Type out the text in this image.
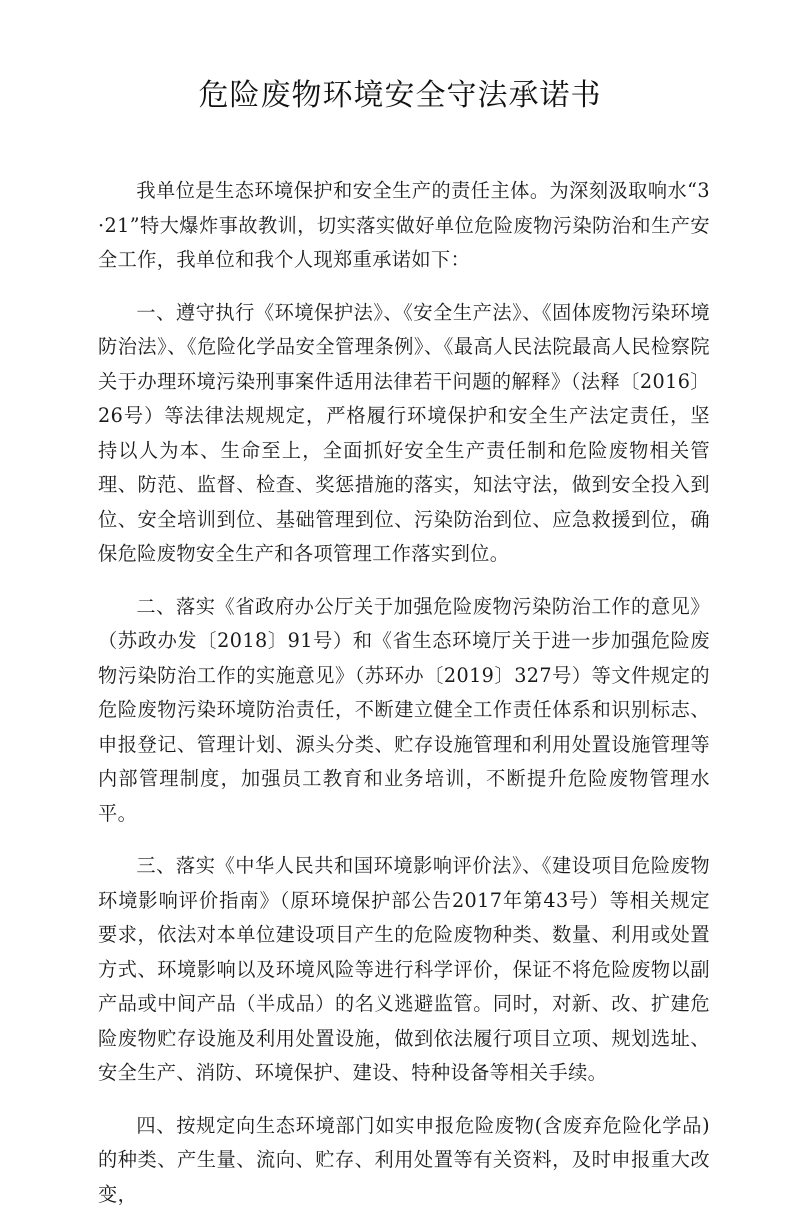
危险废物环境安全守法承诺书

我单位是生态环境保护和安全生产的责任主体。为深刻汲取响水“3·21”特大爆炸事故教训，切实落实做好单位危险废物污染防治和生产安全工作，我单位和我个人现郑重承诺如下：

一、遵守执行《环境保护法》、《安全生产法》、《固体废物污染环境防治法》、《危险化学品安全管理条例》、《最高人民法院最高人民检察院关于办理环境污染刑事案件适用法律若干问题的解释》（法释〔2016〕26号）等法律法规规定，严格履行环境保护和安全生产法定责任，坚持以人为本、生命至上，全面抓好安全生产责任制和危险废物相关管理、防范、监督、检查、奖惩措施的落实，知法守法，做到安全投入到位、安全培训到位、基础管理到位、污染防治到位、应急救援到位，确保危险废物安全生产和各项管理工作落实到位。

二、落实《省政府办公厅关于加强危险废物污染防治工作的意见》（苏政办发〔2018〕91号）和《省生态环境厅关于进一步加强危险废物污染防治工作的实施意见》（苏环办〔2019〕327号）等文件规定的危险废物污染环境防治责任，不断建立健全工作责任体系和识别标志、申报登记、管理计划、源头分类、贮存设施管理和利用处置设施管理等内部管理制度，加强员工教育和业务培训，不断提升危险废物管理水平。

三、落实《中华人民共和国环境影响评价法》、《建设项目危险废物环境影响评价指南》（原环境保护部公告2017年第43号）等相关规定要求，依法对本单位建设项目产生的危险废物种类、数量、利用或处置方式、环境影响以及环境风险等进行科学评价，保证不将危险废物以副产品或中间产品（半成品）的名义逃避监管。同时，对新、改、扩建危险废物贮存设施及利用处置设施，做到依法履行项目立项、规划选址、安全生产、消防、环境保护、建设、特种设备等相关手续。

四、按规定向生态环境部门如实申报危险废物(含废弃危险化学品)的种类、产生量、流向、贮存、利用处置等有关资料，及时申报重大改变，
